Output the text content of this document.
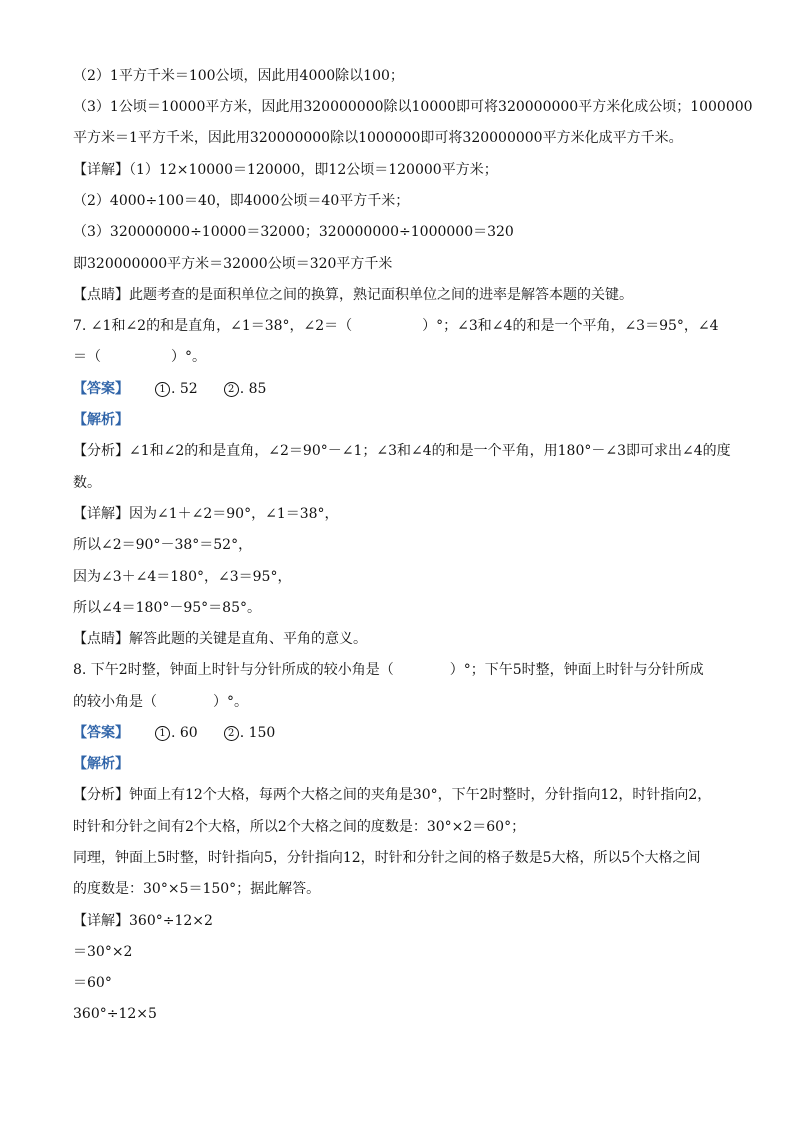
（2）1平方千米＝100公顷，因此用4000除以100；
（3）1公顷＝10000平方米，因此用320000000除以10000即可将320000000平方米化成公顷；1000000
平方米＝1平方千米，因此用320000000除以1000000即可将320000000平方米化成平方千米。
【详解】（1）12×10000＝120000，即12公顷＝120000平方米；
（2）4000÷100＝40，即4000公顷＝40平方千米；
（3）320000000÷10000＝32000；320000000÷1000000＝320
即320000000平方米＝32000公顷＝320平方千米
【点睛】此题考查的是面积单位之间的换算，熟记面积单位之间的进率是解答本题的关键。
7. ∠1和∠2的和是直角，∠1＝38°，∠2＝（　　　　　）°；∠3和∠4的和是一个平角，∠3＝95°，∠4
＝（　　　　　）°。
【答案】	1 . 52	2 . 85
【解析】
【分析】∠1和∠2的和是直角，∠2＝90°－∠1；∠3和∠4的和是一个平角，用180°－∠3即可求出∠4的度
数。
【详解】因为∠1＋∠2＝90°，∠1＝38°，
所以∠2＝90°－38°＝52°，
因为∠3＋∠4＝180°，∠3＝95°，
所以∠4＝180°－95°＝85°。
【点睛】解答此题的关键是直角、平角的意义。
8. 下午2时整，钟面上时针与分针所成的较小角是（　　　　）°；下午5时整，钟面上时针与分针所成
的较小角是（　　　　）°。
【答案】	1 . 60	2 . 150
【解析】
【分析】钟面上有12个大格，每两个大格之间的夹角是30°，下午2时整时，分针指向12，时针指向2，
时针和分针之间有2个大格，所以2个大格之间的度数是：30°×2＝60°；
同理，钟面上5时整，时针指向5，分针指向12，时针和分针之间的格子数是5大格，所以5个大格之间
的度数是：30°×5＝150°；据此解答。
【详解】360°÷12×2
＝30°×2
＝60°
360°÷12×5
